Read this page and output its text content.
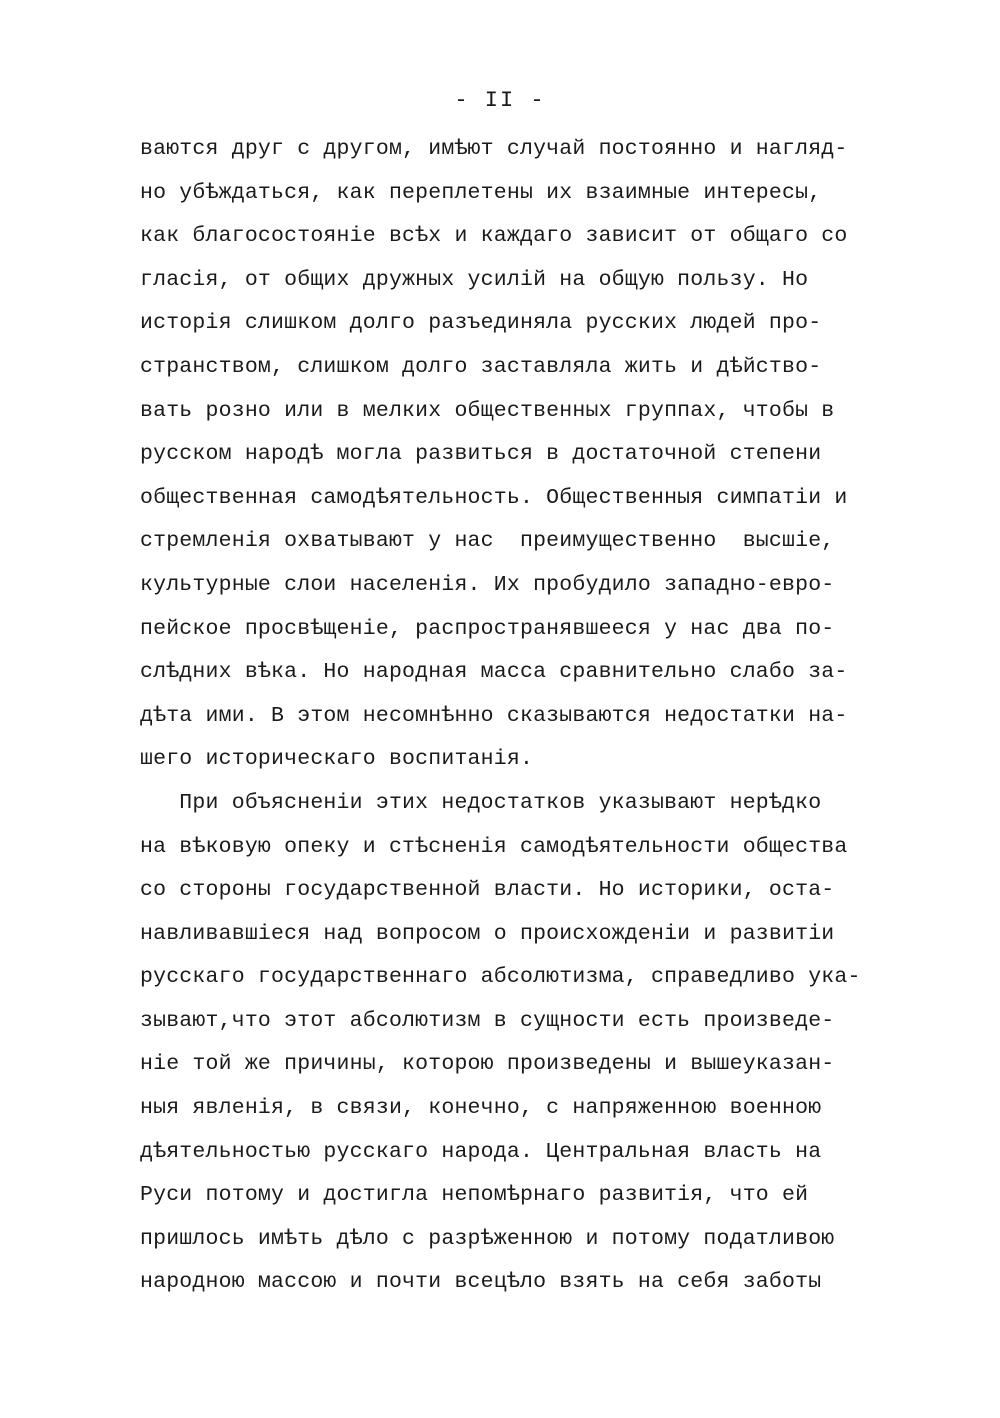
- II -
ваются друг с другом, имѣют случай постоянно и нагляд-
но убѣждаться, как переплетены их взаимные интересы,
как благосостояніе всѣх и каждаго зависит от общаго со
гласія, от общих дружных усилій на общую пользу. Но
исторія слишком долго разъединяла русских людей про-
странством, слишком долго заставляла жить и дѣйство-
вать розно или в мелких общественных группах, чтобы в
русском народѣ могла развиться в достаточной степени
общественная самодѣятельность. Общественныя симпатіи и
стремленія охватывают у нас  преимущественно  высшіе,
культурные слои населенія. Их пробудило западно-евро-
пейское просвѣщеніе, распространявшееся у нас два по-
слѣдних вѣка. Но народная масса сравнительно слабо за-
дѣта ими. В этом несомнѣнно сказываются недостатки на-
шего историческаго воспитанія.
При объясненіи этих недостатков указывают нерѣдко
на вѣковую опеку и стѣсненія самодѣятельности общества
со стороны государственной власти. Но историки, оста-
навливавшіеся над вопросом о происхожденіи и развитіи
русскаго государственнаго абсолютизма, справедливо ука-
зывают,что этот абсолютизм в сущности есть произведе-
ніе той же причины, которою произведены и вышеуказан-
ныя явленія, в связи, конечно, с напряженною военною
дѣятельностью русскаго народа. Центральная власть на
Руси потому и достигла непомѣрнаго развитія, что ей
пришлось имѣть дѣло с разрѣженною и потому податливою
народною массою и почти всецѣло взять на себя заботы
